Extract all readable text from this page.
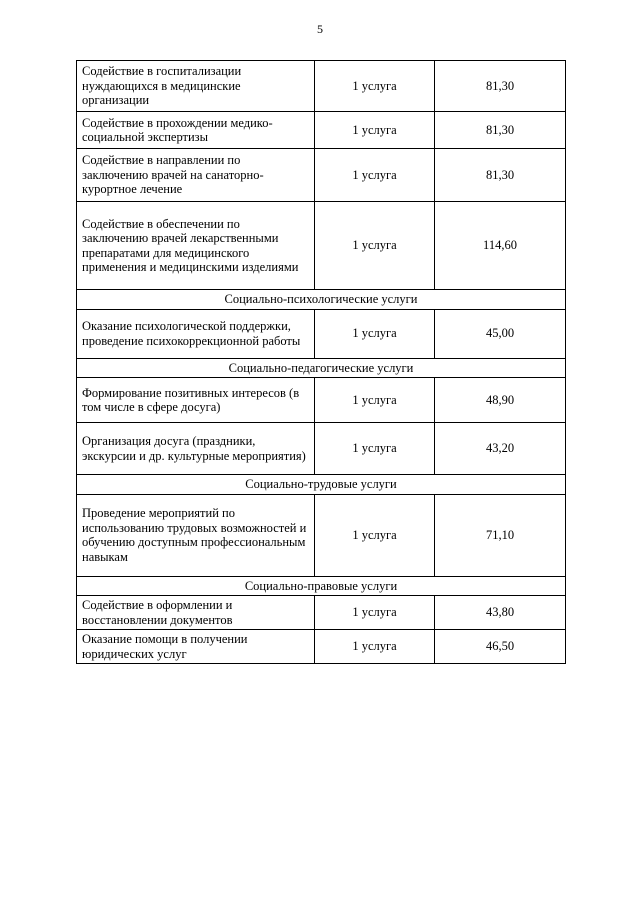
5
Содействие в госпитализации нуждающихся в медицинские организации	1 услуга	81,30
Содействие в прохождении медико-социальной экспертизы	1 услуга	81,30
Содействие в направлении по заключению врачей на санаторно-курортное лечение	1 услуга	81,30
Содействие в обеспечении по заключению врачей лекарственными препаратами для медицинского применения и медицинскими изделиями	1 услуга	114,60
Социально-психологические услуги		
Оказание психологической поддержки, проведение психокоррекционной работы	1 услуга	45,00
Социально-педагогические услуги		
Формирование позитивных интересов (в том числе в сфере досуга)	1 услуга	48,90
Организация досуга (праздники, экскурсии и др. культурные мероприятия)	1 услуга	43,20
Социально-трудовые услуги		
Проведение мероприятий по использованию трудовых возможностей и обучению доступным профессиональным навыкам	1 услуга	71,10
Социально-правовые услуги		
Содействие в оформлении и восстановлении документов	1 услуга	43,80
Оказание помощи в получении юридических услуг	1 услуга	46,50
